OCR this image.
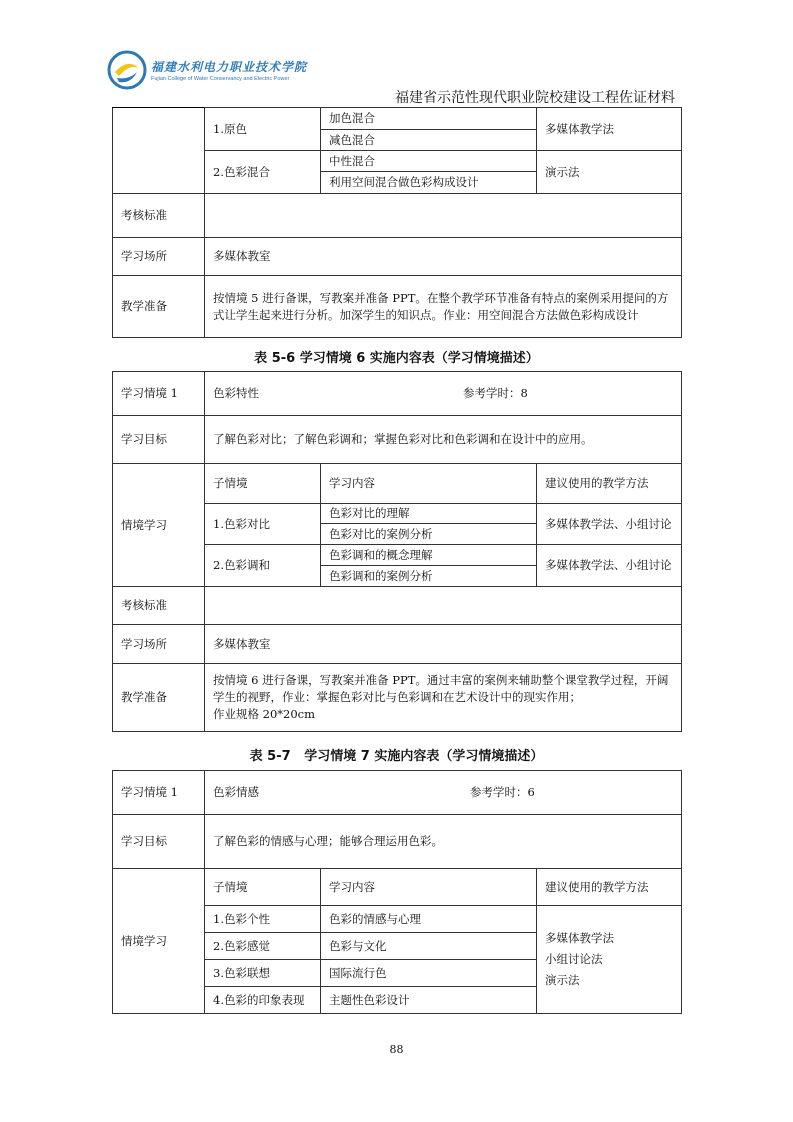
福建水利电力职业技术学院
Fujian College of Water Conservancy and Electric Power
福建省示范性现代职业院校建设工程佐证材料
	1.原色	加色混合	多媒体教学法
		减色混合	
	2.色彩混合	中性混合	演示法
		利用空间混合做色彩构成设计	
考核标准			
学习场所	多媒体教室		
教学准备	按情境 5 进行备课，写教案并准备 PPT。在整个教学环节准备有特点的案例采用提问的方式让学生起来进行分析。加深学生的知识点。作业：用空间混合方法做色彩构成设计		
表 5-6 学习情境 6 实施内容表（学习情境描述）
学习情境 1	色彩特性 参考学时：8		

学习目标	了解色彩对比；了解色彩调和；掌握色彩对比和色彩调和在设计中的应用。		
情境学习	子情境	学习内容	建议使用的教学方法
	1.色彩对比	色彩对比的理解	多媒体教学法、小组讨论
		色彩对比的案例分析	
	2.色彩调和	色彩调和的概念理解	多媒体教学法、小组讨论
		色彩调和的案例分析	
考核标准			
学习场所	多媒体教室		
教学准备	按情境 6 进行备课，写教案并准备 PPT。通过丰富的案例来辅助整个课堂教学过程，开阔学生的视野，作业：掌握色彩对比与色彩调和在艺术设计中的现实作用；
作业规格 20*20cm		
表 5-7   学习情境 7 实施内容表（学习情境描述）
学习情境 1	色彩情感 参考学时：6		

学习目标	了解色彩的情感与心理；能够合理运用色彩。		
情境学习	子情境	学习内容	建议使用的教学方法
	1.色彩个性	色彩的情感与心理	多媒体教学法
小组讨论法
演示法

	2.色彩感觉	色彩与文化	
	3.色彩联想	国际流行色	
	4.色彩的印象表现	主题性色彩设计	
88
